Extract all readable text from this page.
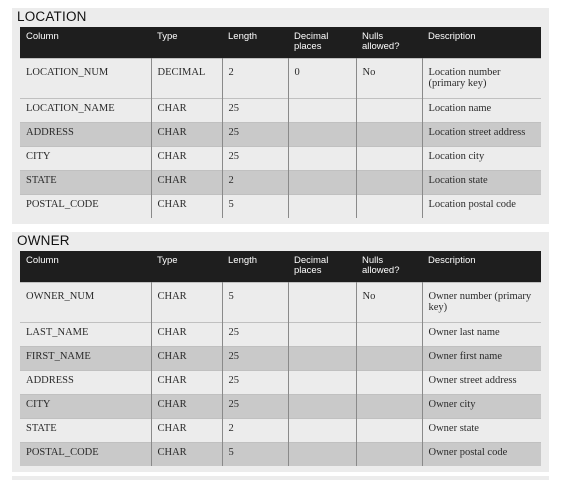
LOCATION
Column	Type	Length	Decimal places	Nulls allowed?	Description
LOCATION_NUM	DECIMAL	2	0	No	Location number (primary key)
LOCATION_NAME	CHAR	25			Location name
ADDRESS	CHAR	25			Location street address
CITY	CHAR	25			Location city
STATE	CHAR	2			Location state
POSTAL_CODE	CHAR	5			Location postal code
OWNER
Column	Type	Length	Decimal places	Nulls allowed?	Description
OWNER_NUM	CHAR	5		No	Owner number (primary key)
LAST_NAME	CHAR	25			Owner last name
FIRST_NAME	CHAR	25			Owner first name
ADDRESS	CHAR	25			Owner street address
CITY	CHAR	25			Owner city
STATE	CHAR	2			Owner state
POSTAL_CODE	CHAR	5			Owner postal code
